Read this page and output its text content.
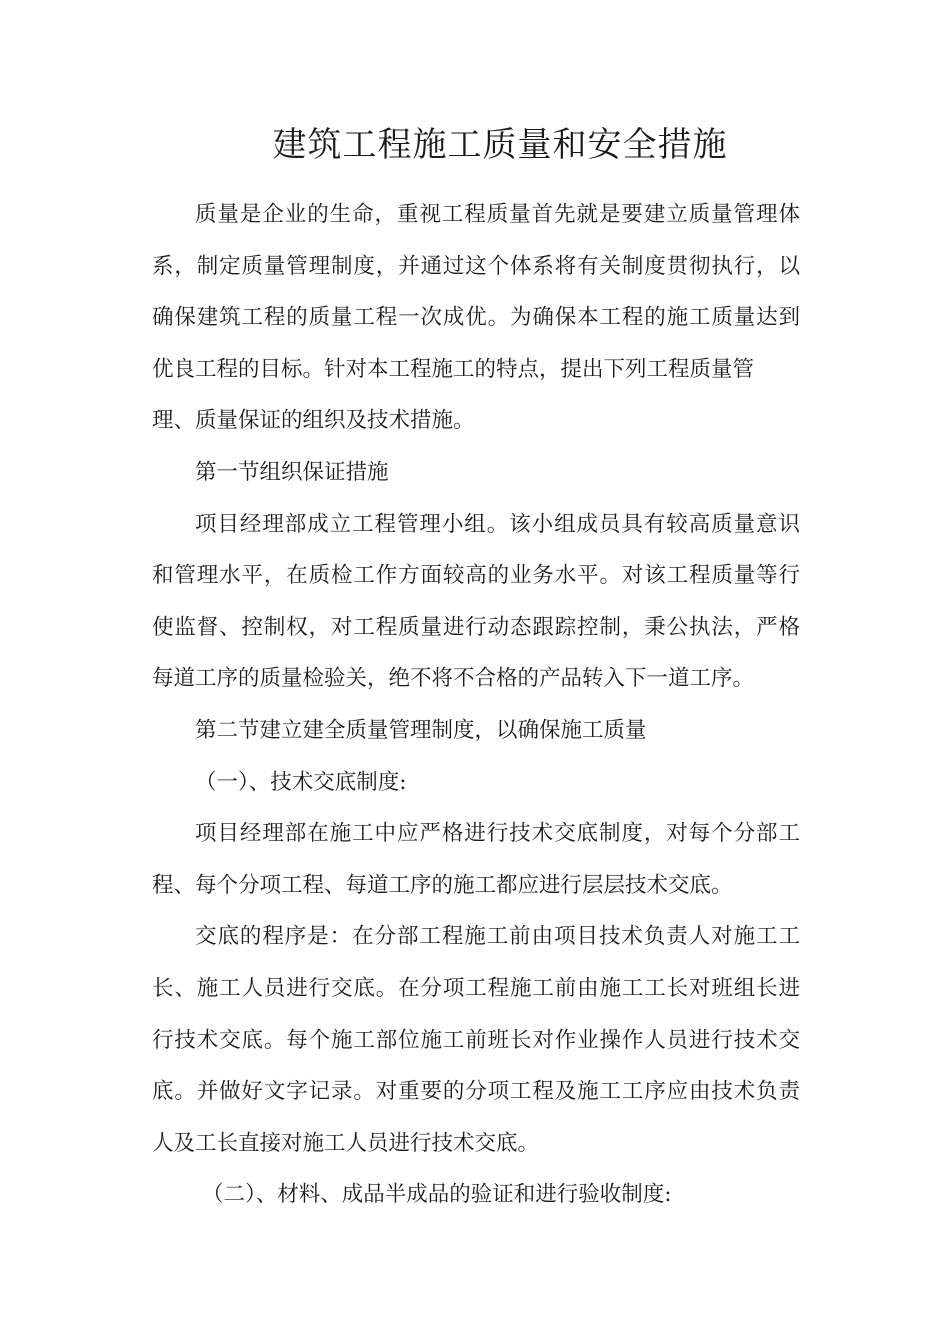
建筑工程施工质量和安全措施
质量是企业的生命，重视工程质量首先就是要建立质量管理体
系，制定质量管理制度，并通过这个体系将有关制度贯彻执行，以
确保建筑工程的质量工程一次成优。为确保本工程的施工质量达到
优良工程的目标。针对本工程施工的特点，提出下列工程质量管
理、质量保证的组织及技术措施。
第一节组织保证措施
项目经理部成立工程管理小组。该小组成员具有较高质量意识
和管理水平，在质检工作方面较高的业务水平。对该工程质量等行
使监督、控制权，对工程质量进行动态跟踪控制，秉公执法，严格
每道工序的质量检验关，绝不将不合格的产品转入下一道工序。
第二节建立建全质量管理制度，以确保施工质量
（一）、技术交底制度:
项目经理部在施工中应严格进行技术交底制度，对每个分部工
程、每个分项工程、每道工序的施工都应进行层层技术交底。
交底的程序是：在分部工程施工前由项目技术负责人对施工工
长、施工人员进行交底。在分项工程施工前由施工工长对班组长进
行技术交底。每个施工部位施工前班长对作业操作人员进行技术交
底。并做好文字记录。对重要的分项工程及施工工序应由技术负责
人及工长直接对施工人员进行技术交底。
（二）、材料、成品半成品的验证和进行验收制度:
